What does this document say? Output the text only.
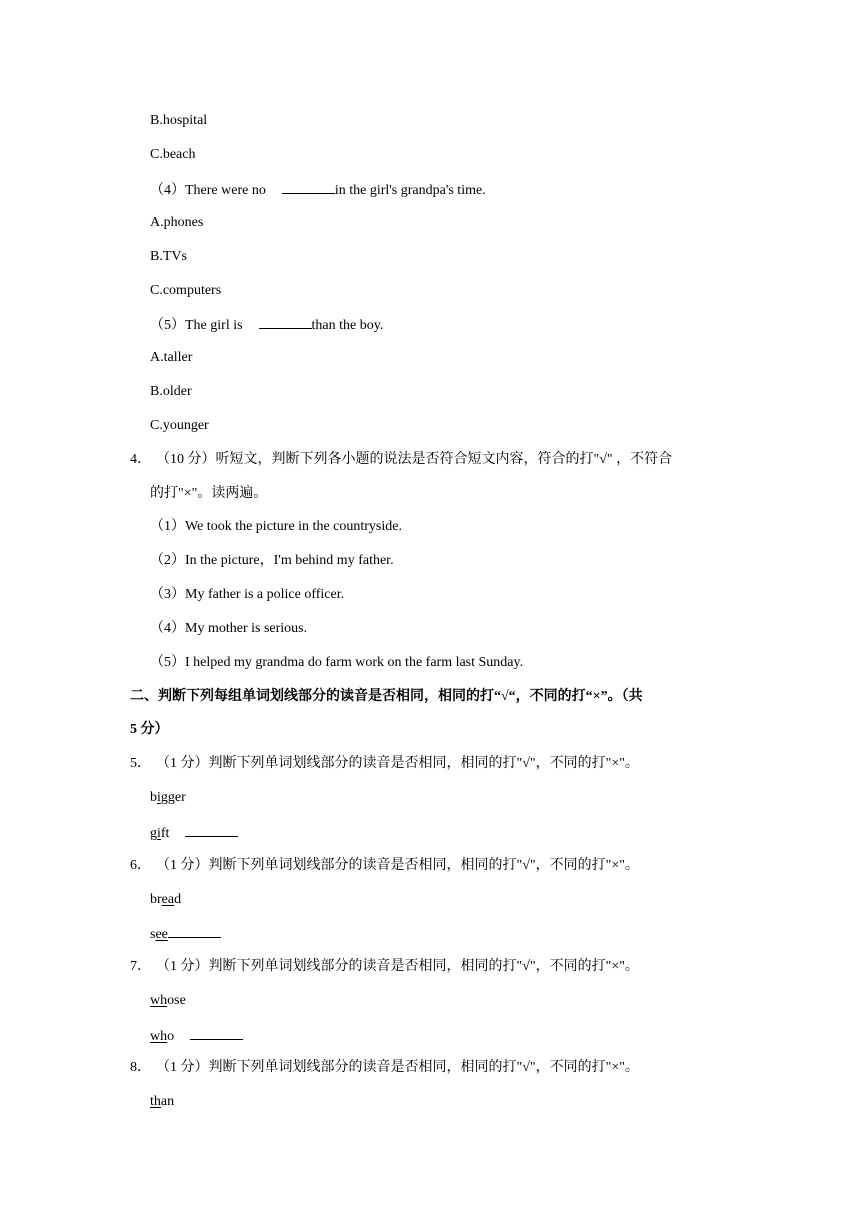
B.hospital
C.beach
（4）There were no	in the girl's grandpa's time.
A.phones
B.TVs
C.computers
（5）The girl is	than the boy.
A.taller
B.older
C.younger
4． （10 分）听短文，判断下列各小题的说法是否符合短文内容，符合的打"√" ，不符合
的打"×"。读两遍。
（1）We took the picture in the countryside.
（2）In the picture，I'm behind my father.
（3）My father is a police officer.
（4）My mother is serious.
（5）I helped my grandma do farm work on the farm last Sunday.
二、判断下列每组单词划线部分的读音是否相同，相同的打“√“，不同的打“×”。（共
5 分）
5． （1 分）判断下列单词划线部分的读音是否相同，相同的打"√"，不同的打"×"。
bigger
gift
6． （1 分）判断下列单词划线部分的读音是否相同，相同的打"√"，不同的打"×"。
bread
see
7． （1 分）判断下列单词划线部分的读音是否相同，相同的打"√"，不同的打"×"。
whose
who
8． （1 分）判断下列单词划线部分的读音是否相同，相同的打"√"，不同的打"×"。
than
